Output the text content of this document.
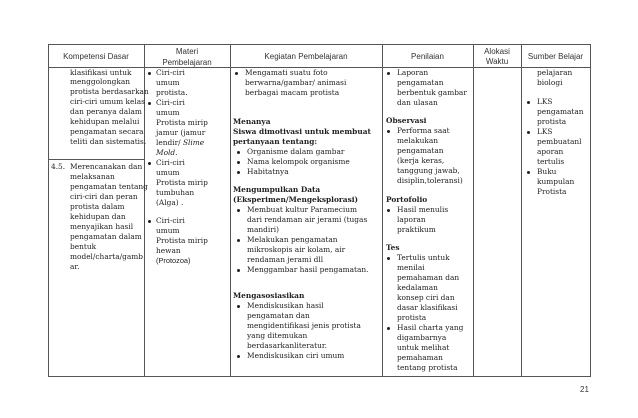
Kompetensi Dasar
Materi
Pembelajaran
Kegiatan Pembelajaran	Penilaian
Alokasi
Waktu
Sumber Belajar
klasifikasi untuk
menggolongkan
protista berdasarkan
ciri-ciri umum kelas
dan peranya dalam
kehidupan melalui
pengamatan secara
teliti dan sistematis.
4.5. Merencanakan dan
melaksanan
pengamatan tentang
ciri-ciri dan peran
protista dalam
kehidupan dan
menyajikan hasil
pengamatan dalam
bentuk
model/charta/gamb
ar.
Ciri-ciri
umum
protista.
Ciri-ciri
umum
Protista mirip
jamur (jamur
lendir/ Slime
Mold.
Ciri-ciri
umum
Protista mirip
tumbuhan
(Alga) .
Ciri-ciri
umum
Protista mirip
hewan
(Protozoa)
Mengamati suatu foto
berwarna/gambar/ animasi
berbagai macam protista
Menanya
Siswa dimotivasi untuk membuat
pertanyaan tentang:
Organisme dalam gambar
Nama kelompok organisme
Habitatnya
Mengumpulkan Data
(Eksperimen/Mengeksplorasi)
Membuat kultur Paramecium
dari rendaman air jerami (tugas
mandiri)
Melakukan pengamatan
mikroskopis air kolam, air
rendaman jerami dll
Menggambar hasil pengamatan.
Mengasosiasikan
Mendiskusikan hasil
pengamatan dan
mengidentifikasi jenis protista
yang ditemukan
berdasarkanliteratur.
Mendiskusikan ciri umum
Laporan
pengamatan
berbentuk gambar
dan ulasan
Observasi
Performa saat
melakukan
pengamatan
(kerja keras,
tanggung jawab,
disiplin,toleransi)
Portofolio
Hasil menulis
laporan
praktikum
Tes
Tertulis untuk
menilai
pemahaman dan
kedalaman
konsep ciri dan
dasar klasifikasi
protista
Hasil charta yang
digambarnya
untuk melihat
pemahaman
tentang protista
pelajaran
biologi
LKS
pengamatan
protista
LKS
pembuatanl
aporan
tertulis
Buku
kumpulan
Protista
21
